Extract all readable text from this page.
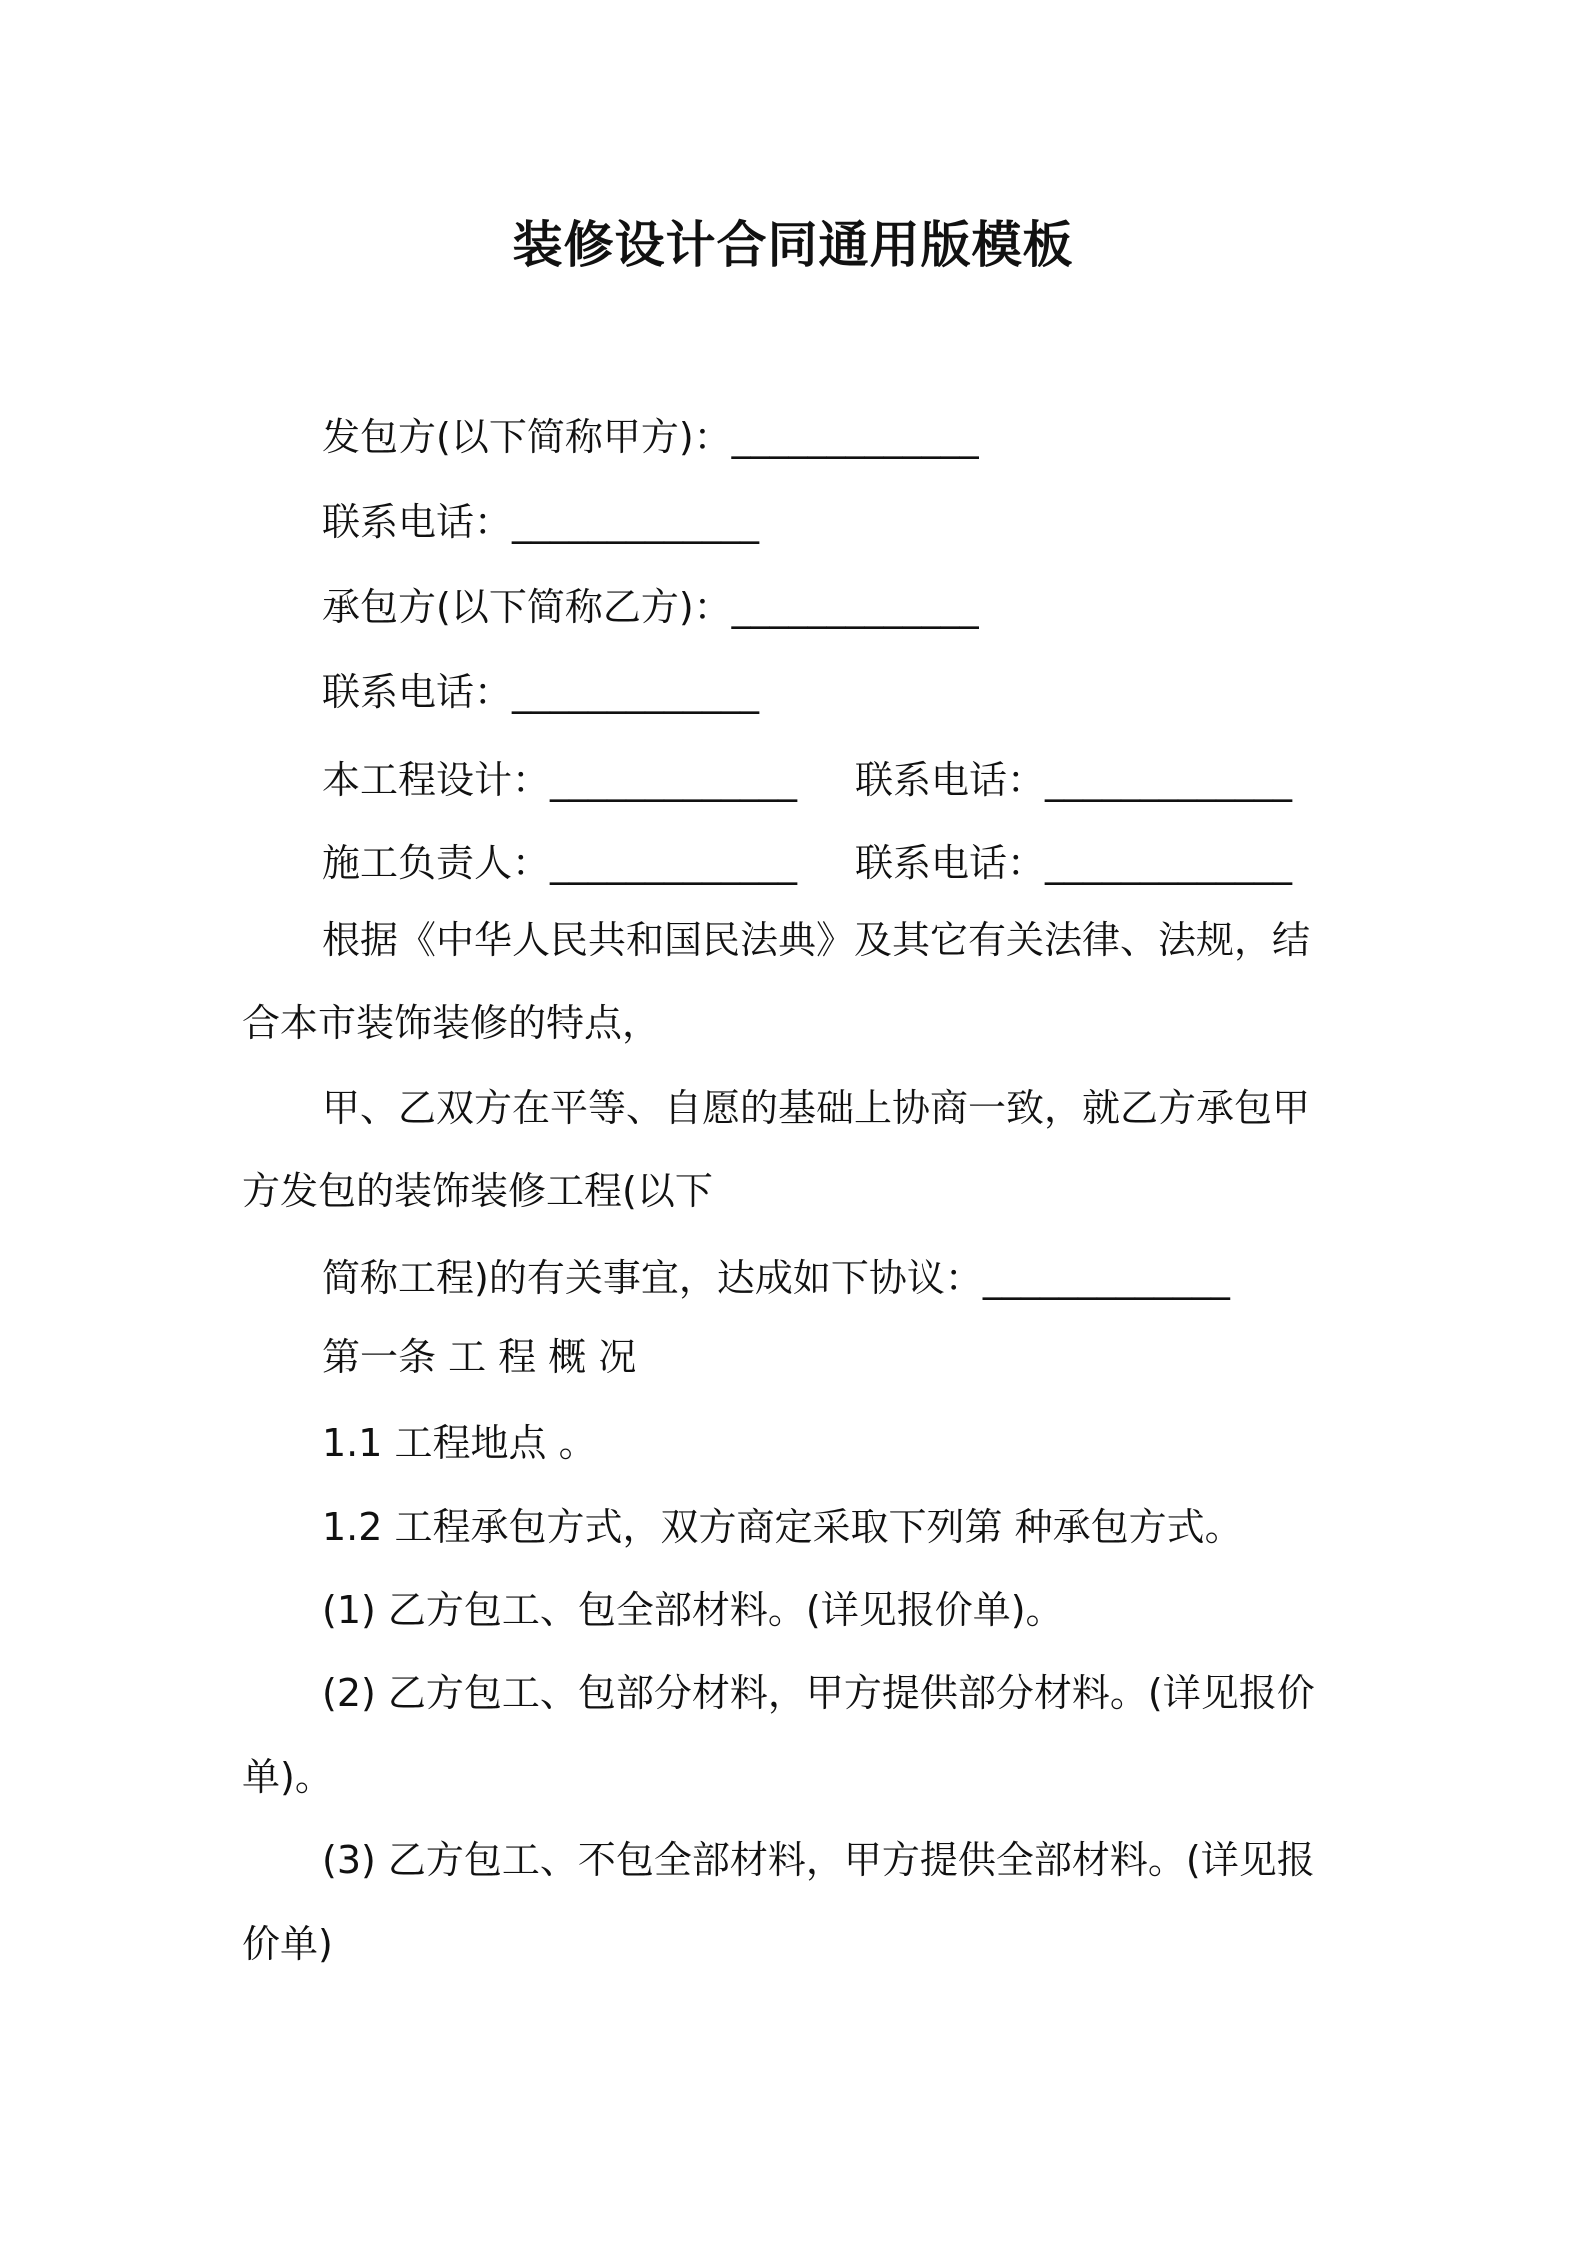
装修设计合同通用版模板
发包方(以下简称甲方)：_____________
联系电话：_____________
承包方(以下简称乙方)：_____________
联系电话：_____________
本工程设计：_____________ 联系电话：_____________
施工负责人：_____________ 联系电话：_____________
根据《中华人民共和国民法典》及其它有关法律、法规，结
合本市装饰装修的特点，
甲、乙双方在平等、自愿的基础上协商一致，就乙方承包甲
方发包的装饰装修工程(以下
简称工程)的有关事宜，达成如下协议：_____________
第一条 工 程 概 况
1.1 工程地点 。
1.2 工程承包方式，双方商定采取下列第 种承包方式。
(1) 乙方包工、包全部材料。(详见报价单)。
(2) 乙方包工、包部分材料，甲方提供部分材料。(详见报价
单)。
(3) 乙方包工、不包全部材料，甲方提供全部材料。(详见报
价单)
